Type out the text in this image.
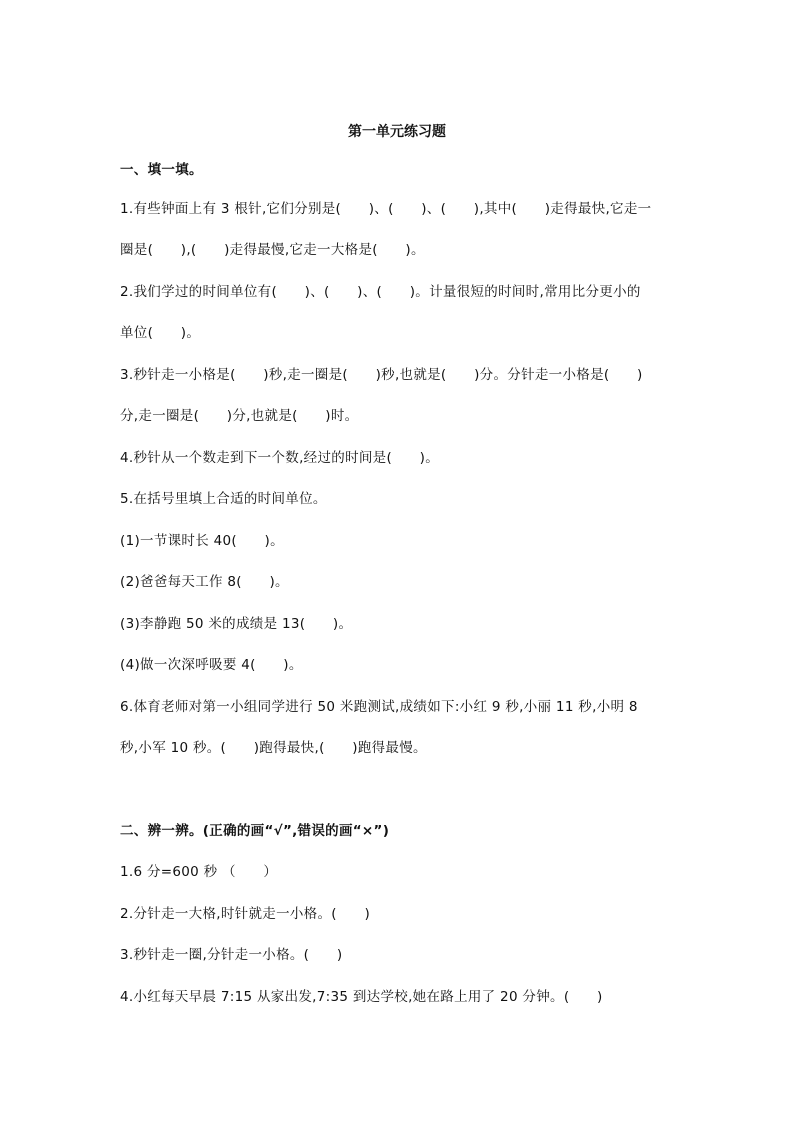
第一单元练习题
一、填一填。
1.有些钟面上有 3 根针,它们分别是(　　)、(　　)、(　　),其中(　　)走得最快,它走一
圈是(　　),(　　)走得最慢,它走一大格是(　　)。
2.我们学过的时间单位有(　　)、(　　)、(　　)。计量很短的时间时,常用比分更小的
单位(　　)。
3.秒针走一小格是(　　)秒,走一圈是(　　)秒,也就是(　　)分。分针走一小格是(　　)
分,走一圈是(　　)分,也就是(　　)时。
4.秒针从一个数走到下一个数,经过的时间是(　　)。
5.在括号里填上合适的时间单位。
(1)一节课时长 40(　　)。
(2)爸爸每天工作 8(　　)。
(3)李静跑 50 米的成绩是 13(　　)。
(4)做一次深呼吸要 4(　　)。
6.体育老师对第一小组同学进行 50 米跑测试,成绩如下:小红 9 秒,小丽 11 秒,小明 8
秒,小军 10 秒。(　　)跑得最快,(　　)跑得最慢。
二、辨一辨。(正确的画“√”,错误的画“×”)
1.6 分=600 秒 （　　）
2.分针走一大格,时针就走一小格。(　　)
3.秒针走一圈,分针走一小格。(　　)
4.小红每天早晨 7:15 从家出发,7:35 到达学校,她在路上用了 20 分钟。(　　)
